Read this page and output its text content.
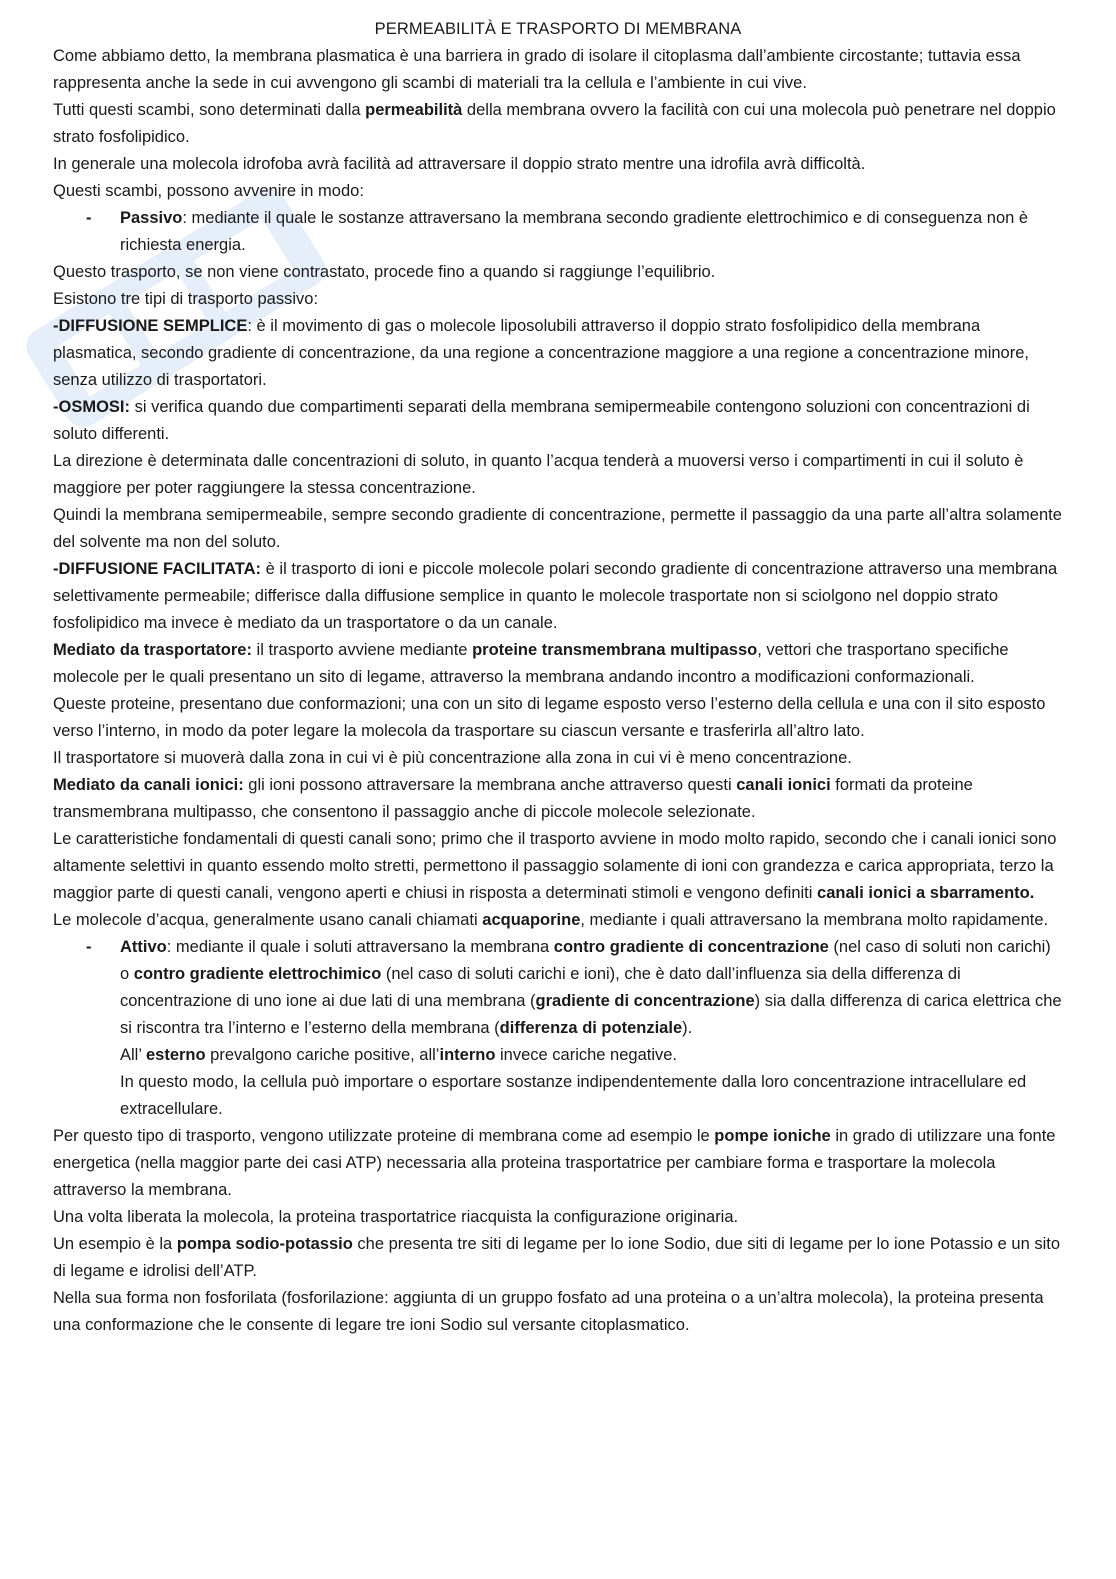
PERMEABILITÀ E TRASPORTO DI MEMBRANA
Come abbiamo detto, la membrana plasmatica è una barriera in grado di isolare il citoplasma dall’ambiente circostante; tuttavia essa rappresenta anche la sede in cui avvengono gli scambi di materiali tra la cellula e l’ambiente in cui vive.
Tutti questi scambi, sono determinati dalla permeabilità della membrana ovvero la facilità con cui una molecola può penetrare nel doppio strato fosfolipidico.
In generale una molecola idrofoba avrà facilità ad attraversare il doppio strato mentre una idrofila avrà difficoltà.
Questi scambi, possono avvenire in modo:
- Passivo: mediante il quale le sostanze attraversano la membrana secondo gradiente elettrochimico e di conseguenza non è richiesta energia.
Questo trasporto, se non viene contrastato, procede fino a quando si raggiunge l’equilibrio.
Esistono tre tipi di trasporto passivo:
-DIFFUSIONE SEMPLICE: è il movimento di gas o molecole liposolubili attraverso il doppio strato fosfolipidico della membrana plasmatica, secondo gradiente di concentrazione, da una regione a concentrazione maggiore a una regione a concentrazione minore, senza utilizzo di trasportatori.
-OSMOSI: si verifica quando due compartimenti separati della membrana semipermeabile contengono soluzioni con concentrazioni di soluto differenti.
La direzione è determinata dalle concentrazioni di soluto, in quanto l’acqua tenderà a muoversi verso i compartimenti in cui il soluto è maggiore per poter raggiungere la stessa concentrazione.
Quindi la membrana semipermeabile, sempre secondo gradiente di concentrazione, permette il passaggio da una parte all’altra solamente del solvente ma non del soluto.
-DIFFUSIONE FACILITATA: è il trasporto di ioni e piccole molecole polari secondo gradiente di concentrazione attraverso una membrana selettivamente permeabile; differisce dalla diffusione semplice in quanto le molecole trasportate non si sciolgono nel doppio strato fosfolipidico ma invece è mediato da un trasportatore o da un canale.
Mediato da trasportatore: il trasporto avviene mediante proteine transmembrana multipasso, vettori che trasportano specifiche molecole per le quali presentano un sito di legame, attraverso la membrana andando incontro a modificazioni conformazionali.
Queste proteine, presentano due conformazioni; una con un sito di legame esposto verso l’esterno della cellula e una con il sito esposto verso l’interno, in modo da poter legare la molecola da trasportare su ciascun versante e trasferirla all’altro lato.
Il trasportatore si muoverà dalla zona in cui vi è più concentrazione alla zona in cui vi è meno concentrazione.
Mediato da canali ionici: gli ioni possono attraversare la membrana anche attraverso questi canali ionici formati da proteine transmembrana multipasso, che consentono il passaggio anche di piccole molecole selezionate.
Le caratteristiche fondamentali di questi canali sono; primo che il trasporto avviene in modo molto rapido, secondo che i canali ionici sono altamente selettivi in quanto essendo molto stretti, permettono il passaggio solamente di ioni con grandezza e carica appropriata, terzo la maggior parte di questi canali, vengono aperti e chiusi in risposta a determinati stimoli e vengono definiti canali ionici a sbarramento.
Le molecole d’acqua, generalmente usano canali chiamati acquaporine, mediante i quali attraversano la membrana molto rapidamente.
- Attivo: mediante il quale i soluti attraversano la membrana contro gradiente di concentrazione (nel caso di soluti non carichi) o contro gradiente elettrochimico (nel caso di soluti carichi e ioni), che è dato dall’influenza sia della differenza di concentrazione di uno ione ai due lati di una membrana (gradiente di concentrazione) sia dalla differenza di carica elettrica che si riscontra tra l’interno e l’esterno della membrana (differenza di potenziale).
All’ esterno prevalgono cariche positive, all’interno invece cariche negative.
In questo modo, la cellula può importare o esportare sostanze indipendentemente dalla loro concentrazione intracellulare ed extracellulare.
Per questo tipo di trasporto, vengono utilizzate proteine di membrana come ad esempio le pompe ioniche in grado di utilizzare una fonte energetica (nella maggior parte dei casi ATP) necessaria alla proteina trasportatrice per cambiare forma e trasportare la molecola attraverso la membrana.
Una volta liberata la molecola, la proteina trasportatrice riacquista la configurazione originaria.
Un esempio è la pompa sodio-potassio che presenta tre siti di legame per lo ione Sodio, due siti di legame per lo ione Potassio e un sito di legame e idrolisi dell’ATP.
Nella sua forma non fosforilata (fosforilazione: aggiunta di un gruppo fosfato ad una proteina o a un’altra molecola), la proteina presenta una conformazione che le consente di legare tre ioni Sodio sul versante citoplasmatico.
